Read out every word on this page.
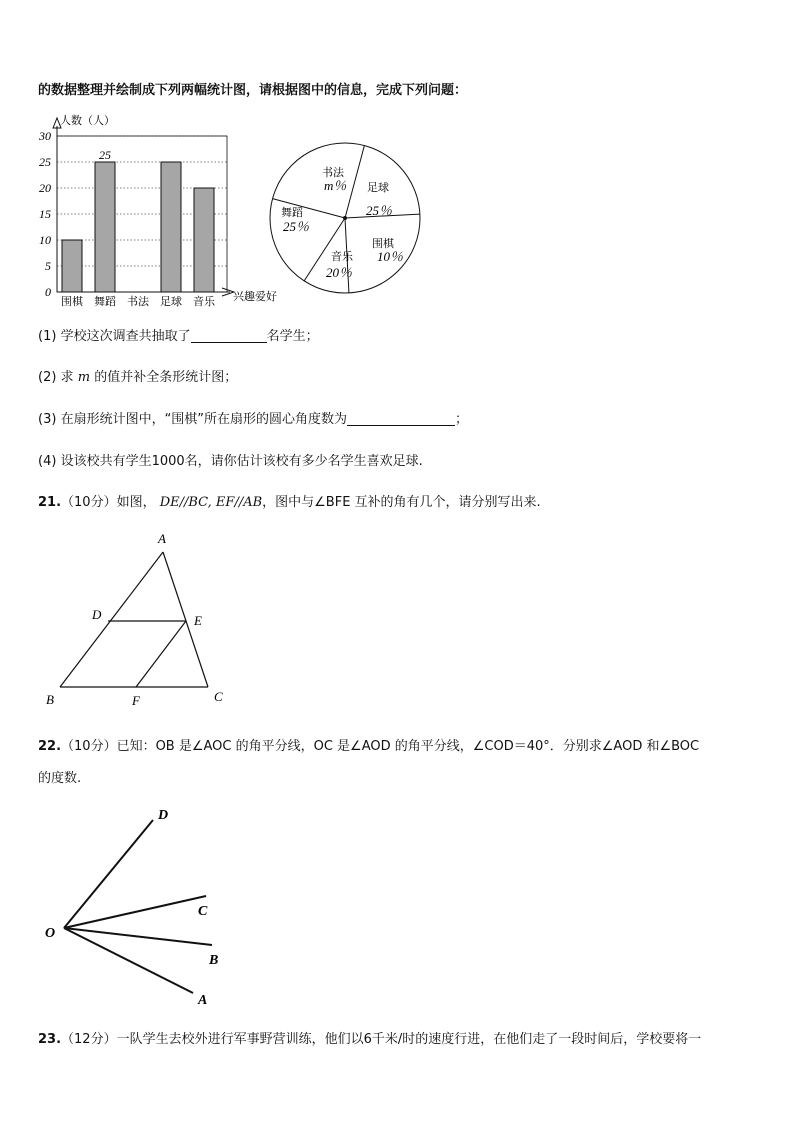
的数据整理并绘制成下列两幅统计图，请根据图中的信息，完成下列问题：
人数（人）
兴趣爱好
0
5
10
15
20
25
30
围棋 舞蹈 书法 足球 音乐
25
书法
m％ 足球
25％
围棋
10％
音乐
20％
舞蹈
25％
(1) 学校这次调查共抽取了	名学生；
(2) 求 m 的值并补全条形统计图；
(3) 在扇形统计图中，“围棋”所在扇形的圆心角度数为	；
(4) 设该校共有学生1000名，请你估计该校有多少名学生喜欢足球.
21.（10分）如图， DE//BC, EF//AB，图中与∠BFE 互补的角有几个，请分别写出来.
A
D	E
B	F	C
22.（10分）已知：OB 是∠AOC 的角平分线，OC 是∠AOD 的角平分线，∠COD＝40°．分别求∠AOD 和∠BOC
的度数.
D
C
O
B
A
23.（12分）一队学生去校外进行军事野营训练，他们以6千米/时的速度行进，在他们走了一段时间后，学校要将一
